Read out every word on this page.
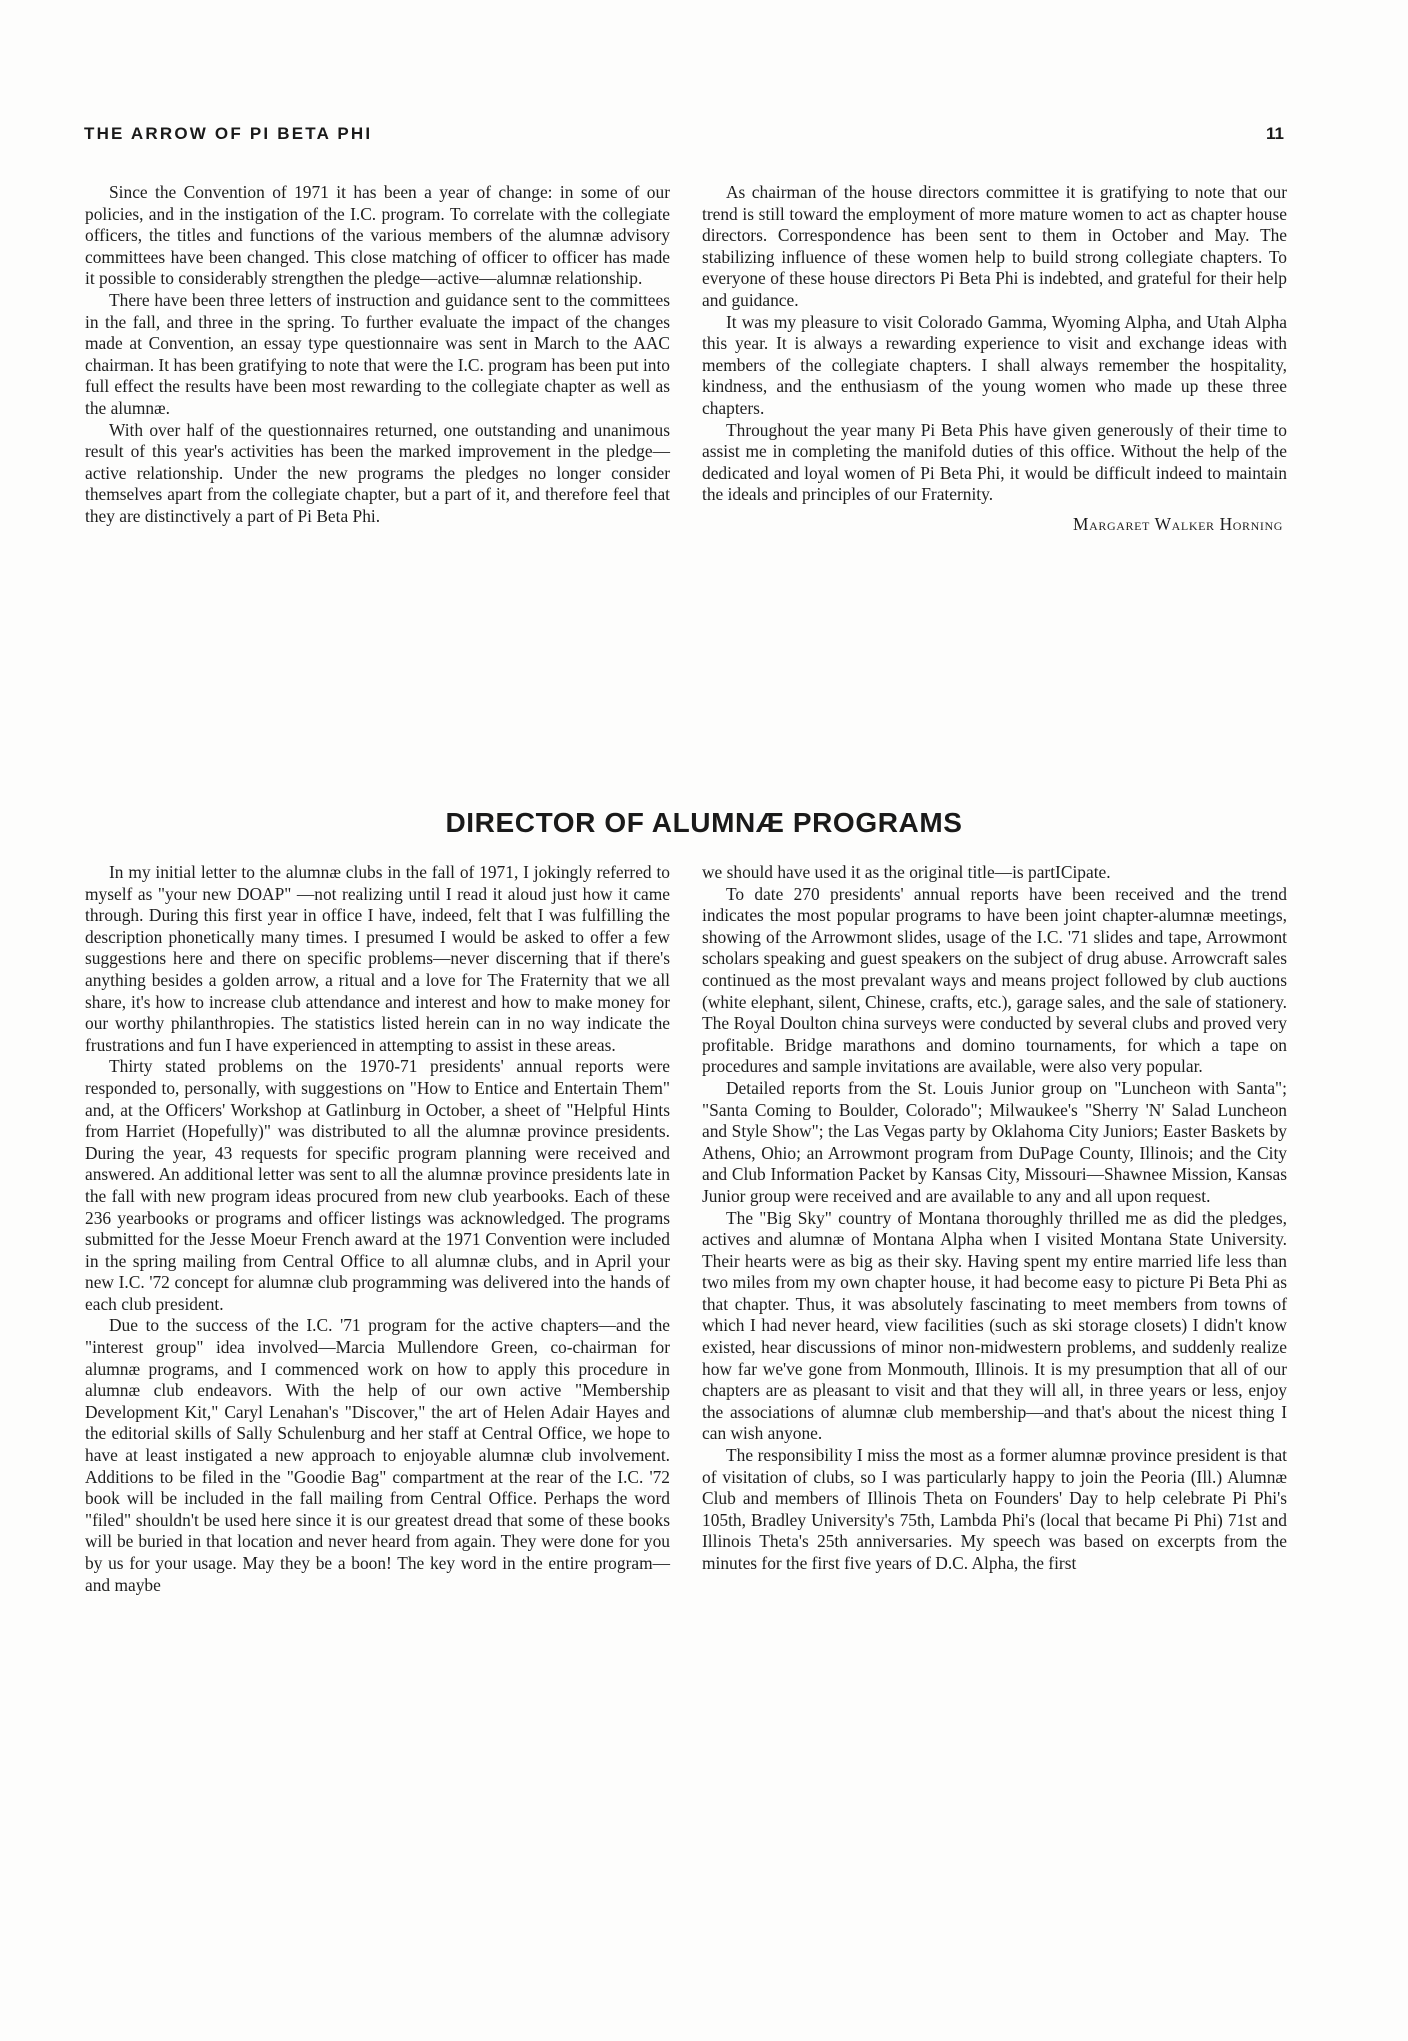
THE ARROW OF PI BETA PHI	11

Since the Convention of 1971 it has been a year of change: in some of our policies, and in the instigation of the I.C. program. To correlate with the collegiate officers, the titles and functions of the various members of the alumnæ advisory committees have been changed. This close matching of officer to officer has made it possible to considerably strengthen the pledge—active—alumnæ relationship.

There have been three letters of instruction and guidance sent to the committees in the fall, and three in the spring. To further evaluate the impact of the changes made at Convention, an essay type questionnaire was sent in March to the AAC chairman. It has been gratifying to note that were the I.C. program has been put into full effect the results have been most rewarding to the collegiate chapter as well as the alumnæ.

With over half of the questionnaires returned, one outstanding and unanimous result of this year's activities has been the marked improvement in the pledge—active relationship. Under the new programs the pledges no longer consider themselves apart from the collegiate chapter, but a part of it, and therefore feel that they are distinctively a part of Pi Beta Phi.

As chairman of the house directors committee it is gratifying to note that our trend is still toward the employment of more mature women to act as chapter house directors. Correspondence has been sent to them in October and May. The stabilizing influence of these women help to build strong collegiate chapters. To everyone of these house directors Pi Beta Phi is indebted, and grateful for their help and guidance.

It was my pleasure to visit Colorado Gamma, Wyoming Alpha, and Utah Alpha this year. It is always a rewarding experience to visit and exchange ideas with members of the collegiate chapters. I shall always remember the hospitality, kindness, and the enthusiasm of the young women who made up these three chapters.

Throughout the year many Pi Beta Phis have given generously of their time to assist me in completing the manifold duties of this office. Without the help of the dedicated and loyal women of Pi Beta Phi, it would be difficult indeed to maintain the ideals and principles of our Fraternity.

Margaret Walker Horning
DIRECTOR OF ALUMNÆ PROGRAMS

In my initial letter to the alumnæ clubs in the fall of 1971, I jokingly referred to myself as "your new DOAP" —not realizing until I read it aloud just how it came through. During this first year in office I have, indeed, felt that I was fulfilling the description phonetically many times. I presumed I would be asked to offer a few suggestions here and there on specific problems—never discerning that if there's anything besides a golden arrow, a ritual and a love for The Fraternity that we all share, it's how to increase club attendance and interest and how to make money for our worthy philanthropies. The statistics listed herein can in no way indicate the frustrations and fun I have experienced in attempting to assist in these areas.

Thirty stated problems on the 1970-71 presidents' annual reports were responded to, personally, with suggestions on "How to Entice and Entertain Them" and, at the Officers' Workshop at Gatlinburg in October, a sheet of "Helpful Hints from Harriet (Hopefully)" was distributed to all the alumnæ province presidents. During the year, 43 requests for specific program planning were received and answered. An additional letter was sent to all the alumnæ province presidents late in the fall with new program ideas procured from new club yearbooks. Each of these 236 yearbooks or programs and officer listings was acknowledged. The programs submitted for the Jesse Moeur French award at the 1971 Convention were included in the spring mailing from Central Office to all alumnæ clubs, and in April your new I.C. '72 concept for alumnæ club programming was delivered into the hands of each club president.

Due to the success of the I.C. '71 program for the active chapters—and the "interest group" idea involved—Marcia Mullendore Green, co-chairman for alumnæ programs, and I commenced work on how to apply this procedure in alumnæ club endeavors. With the help of our own active "Membership Development Kit," Caryl Lenahan's "Discover," the art of Helen Adair Hayes and the editorial skills of Sally Schulenburg and her staff at Central Office, we hope to have at least instigated a new approach to enjoyable alumnæ club involvement. Additions to be filed in the "Goodie Bag" compartment at the rear of the I.C. '72 book will be included in the fall mailing from Central Office. Perhaps the word "filed" shouldn't be used here since it is our greatest dread that some of these books will be buried in that location and never heard from again. They were done for you by us for your usage. May they be a boon! The key word in the entire program—and maybe

we should have used it as the original title—is partICipate.

To date 270 presidents' annual reports have been received and the trend indicates the most popular programs to have been joint chapter-alumnæ meetings, showing of the Arrowmont slides, usage of the I.C. '71 slides and tape, Arrowmont scholars speaking and guest speakers on the subject of drug abuse. Arrowcraft sales continued as the most prevalant ways and means project followed by club auctions (white elephant, silent, Chinese, crafts, etc.), garage sales, and the sale of stationery. The Royal Doulton china surveys were conducted by several clubs and proved very profitable. Bridge marathons and domino tournaments, for which a tape on procedures and sample invitations are available, were also very popular.

Detailed reports from the St. Louis Junior group on "Luncheon with Santa"; "Santa Coming to Boulder, Colorado"; Milwaukee's "Sherry 'N' Salad Luncheon and Style Show"; the Las Vegas party by Oklahoma City Juniors; Easter Baskets by Athens, Ohio; an Arrowmont program from DuPage County, Illinois; and the City and Club Information Packet by Kansas City, Missouri—Shawnee Mission, Kansas Junior group were received and are available to any and all upon request.

The "Big Sky" country of Montana thoroughly thrilled me as did the pledges, actives and alumnæ of Montana Alpha when I visited Montana State University. Their hearts were as big as their sky. Having spent my entire married life less than two miles from my own chapter house, it had become easy to picture Pi Beta Phi as that chapter. Thus, it was absolutely fascinating to meet members from towns of which I had never heard, view facilities (such as ski storage closets) I didn't know existed, hear discussions of minor non-midwestern problems, and suddenly realize how far we've gone from Monmouth, Illinois. It is my presumption that all of our chapters are as pleasant to visit and that they will all, in three years or less, enjoy the associations of alumnæ club membership—and that's about the nicest thing I can wish anyone.

The responsibility I miss the most as a former alumnæ province president is that of visitation of clubs, so I was particularly happy to join the Peoria (Ill.) Alumnæ Club and members of Illinois Theta on Founders' Day to help celebrate Pi Phi's 105th, Bradley University's 75th, Lambda Phi's (local that became Pi Phi) 71st and Illinois Theta's 25th anniversaries. My speech was based on excerpts from the minutes for the first five years of D.C. Alpha, the first
